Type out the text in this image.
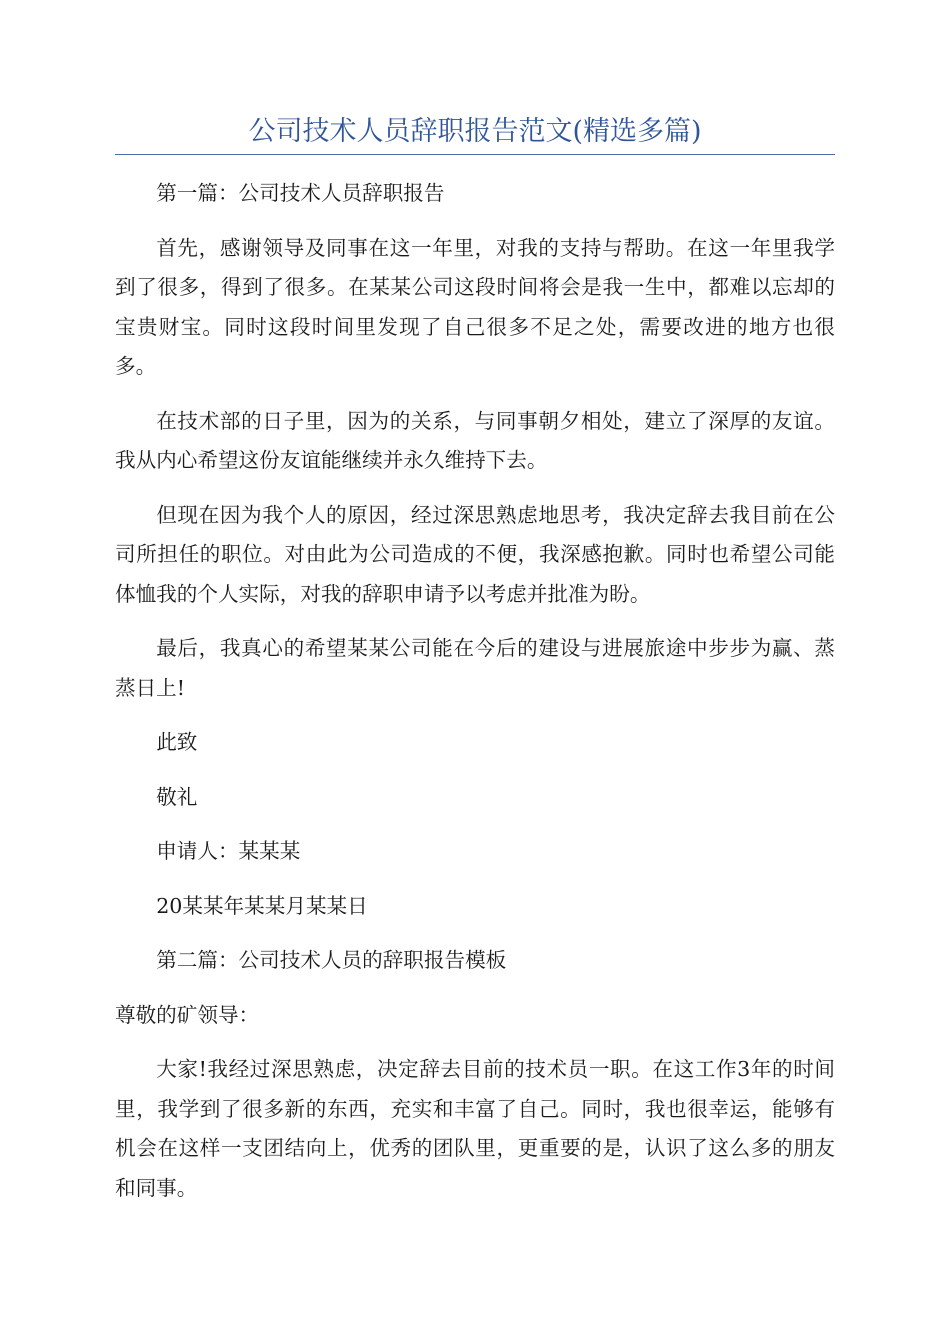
公司技术人员辞职报告范文(精选多篇)

第一篇：公司技术人员辞职报告

首先，感谢领导及同事在这一年里，对我的支持与帮助。在这一年里我学到了很多，得到了很多。在某某公司这段时间将会是我一生中，都难以忘却的宝贵财宝。同时这段时间里发现了自己很多不足之处，需要改进的地方也很多。

在技术部的日子里，因为的关系，与同事朝夕相处，建立了深厚的友谊。我从内心希望这份友谊能继续并永久维持下去。

但现在因为我个人的原因，经过深思熟虑地思考，我决定辞去我目前在公司所担任的职位。对由此为公司造成的不便，我深感抱歉。同时也希望公司能体恤我的个人实际，对我的辞职申请予以考虑并批准为盼。

最后，我真心的希望某某公司能在今后的建设与进展旅途中步步为赢、蒸蒸日上!

此致

敬礼

申请人：某某某

20某某年某某月某某日

第二篇：公司技术人员的辞职报告模板

尊敬的矿领导：

大家!我经过深思熟虑，决定辞去目前的技术员一职。在这工作3年的时间里，我学到了很多新的东西，充实和丰富了自己。同时，我也很幸运，能够有机会在这样一支团结向上，优秀的团队里，更重要的是，认识了这么多的朋友和同事。
